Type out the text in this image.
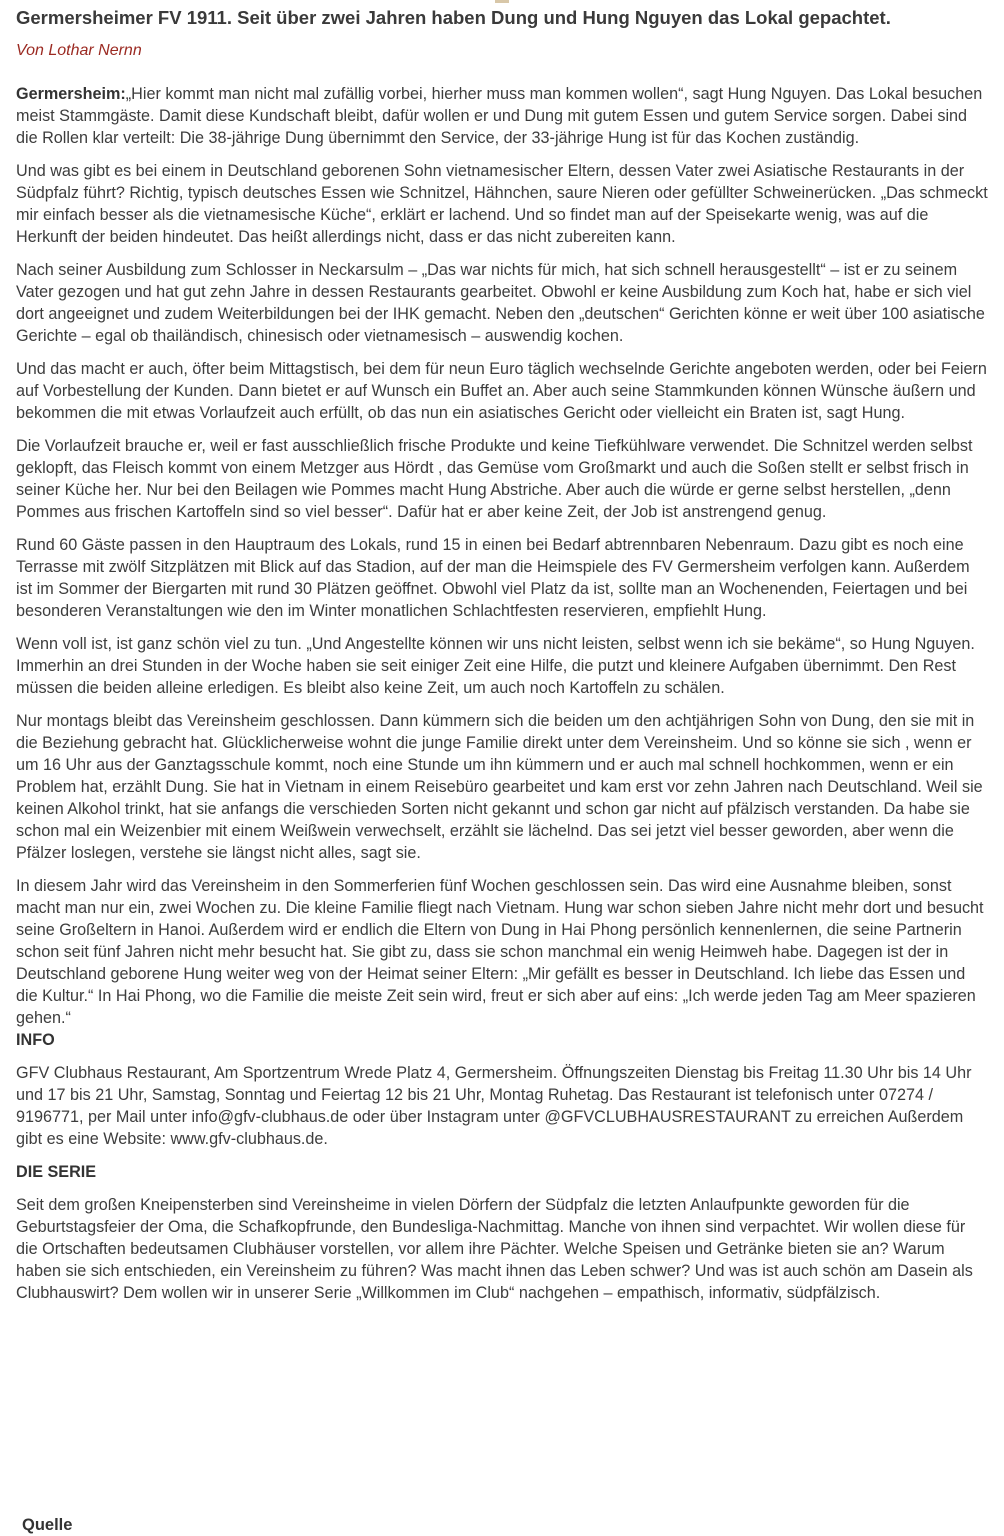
Germersheimer FV 1911. Seit über zwei Jahren haben Dung und Hung Nguyen das Lokal gepachtet.
Von Lothar Nernn

Germersheim:„Hier kommt man nicht mal zufällig vorbei, hierher muss man kommen wollen“, sagt Hung Nguyen. Das Lokal besuchen meist Stammgäste. Damit diese Kundschaft bleibt, dafür wollen er und Dung mit gutem Essen und gutem Service sorgen. Dabei sind die Rollen klar verteilt: Die 38-jährige Dung übernimmt den Service, der 33-jährige Hung ist für das Kochen zuständig.

Und was gibt es bei einem in Deutschland geborenen Sohn vietnamesischer Eltern, dessen Vater zwei Asiatische Restaurants in der Südpfalz führt? Richtig, typisch deutsches Essen wie Schnitzel, Hähnchen, saure Nieren oder gefüllter Schweinerücken. „Das schmeckt mir einfach besser als die vietnamesische Küche“, erklärt er lachend. Und so findet man auf der Speisekarte wenig, was auf die Herkunft der beiden hindeutet. Das heißt allerdings nicht, dass er das nicht zubereiten kann.

Nach seiner Ausbildung zum Schlosser in Neckarsulm – „Das war nichts für mich, hat sich schnell herausgestellt“ – ist er zu seinem Vater gezogen und hat gut zehn Jahre in dessen Restaurants gearbeitet. Obwohl er keine Ausbildung zum Koch hat, habe er sich viel dort angeeignet und zudem Weiterbildungen bei der IHK gemacht. Neben den „deutschen“ Gerichten könne er weit über 100 asiatische Gerichte – egal ob thailändisch, chinesisch oder vietnamesisch – auswendig kochen.

Und das macht er auch, öfter beim Mittagstisch, bei dem für neun Euro täglich wechselnde Gerichte angeboten werden, oder bei Feiern auf Vorbestellung der Kunden. Dann bietet er auf Wunsch ein Buffet an. Aber auch seine Stammkunden können Wünsche äußern und bekommen die mit etwas Vorlaufzeit auch erfüllt, ob das nun ein asiatisches Gericht oder vielleicht ein Braten ist, sagt Hung.

Die Vorlaufzeit brauche er, weil er fast ausschließlich frische Produkte und keine Tiefkühlware verwendet. Die Schnitzel werden selbst geklopft, das Fleisch kommt von einem Metzger aus Hördt , das Gemüse vom Großmarkt und auch die Soßen stellt er selbst frisch in seiner Küche her. Nur bei den Beilagen wie Pommes macht Hung Abstriche. Aber auch die würde er gerne selbst herstellen, „denn Pommes aus frischen Kartoffeln sind so viel besser“. Dafür hat er aber keine Zeit, der Job ist anstrengend genug.

Rund 60 Gäste passen in den Hauptraum des Lokals, rund 15 in einen bei Bedarf abtrennbaren Nebenraum. Dazu gibt es noch eine Terrasse mit zwölf Sitzplätzen mit Blick auf das Stadion, auf der man die Heimspiele des FV Germersheim verfolgen kann. Außerdem ist im Sommer der Biergarten mit rund 30 Plätzen geöffnet. Obwohl viel Platz da ist, sollte man an Wochenenden, Feiertagen und bei besonderen Veranstaltungen wie den im Winter monatlichen Schlachtfesten reservieren, empfiehlt Hung.

Wenn voll ist, ist ganz schön viel zu tun. „Und Angestellte können wir uns nicht leisten, selbst wenn ich sie bekäme“, so Hung Nguyen. Immerhin an drei Stunden in der Woche haben sie seit einiger Zeit eine Hilfe, die putzt und kleinere Aufgaben übernimmt. Den Rest müssen die beiden alleine erledigen. Es bleibt also keine Zeit, um auch noch Kartoffeln zu schälen.

Nur montags bleibt das Vereinsheim geschlossen. Dann kümmern sich die beiden um den achtjährigen Sohn von Dung, den sie mit in die Beziehung gebracht hat. Glücklicherweise wohnt die junge Familie direkt unter dem Vereinsheim. Und so könne sie sich , wenn er um 16 Uhr aus der Ganztagsschule kommt, noch eine Stunde um ihn kümmern und er auch mal schnell hochkommen, wenn er ein Problem hat, erzählt Dung. Sie hat in Vietnam in einem Reisebüro gearbeitet und kam erst vor zehn Jahren nach Deutschland. Weil sie keinen Alkohol trinkt, hat sie anfangs die verschieden Sorten nicht gekannt und schon gar nicht auf pfälzisch verstanden. Da habe sie schon mal ein Weizenbier mit einem Weißwein verwechselt, erzählt sie lächelnd. Das sei jetzt viel besser geworden, aber wenn die Pfälzer loslegen, verstehe sie längst nicht alles, sagt sie.

In diesem Jahr wird das Vereinsheim in den Sommerferien fünf Wochen geschlossen sein. Das wird eine Ausnahme bleiben, sonst macht man nur ein, zwei Wochen zu. Die kleine Familie fliegt nach Vietnam. Hung war schon sieben Jahre nicht mehr dort und besucht seine Großeltern in Hanoi. Außerdem wird er endlich die Eltern von Dung in Hai Phong persönlich kennenlernen, die seine Partnerin schon seit fünf Jahren nicht mehr besucht hat. Sie gibt zu, dass sie schon manchmal ein wenig Heimweh habe. Dagegen ist der in Deutschland geborene Hung weiter weg von der Heimat seiner Eltern: „Mir gefällt es besser in Deutschland. Ich liebe das Essen und die Kultur.“ In Hai Phong, wo die Familie die meiste Zeit sein wird, freut er sich aber auf eins: „Ich werde jeden Tag am Meer spazieren gehen.“

INFO

GFV Clubhaus Restaurant, Am Sportzentrum Wrede Platz 4, Germersheim. Öffnungszeiten Dienstag bis Freitag 11.30 Uhr bis 14 Uhr und 17 bis 21 Uhr, Samstag, Sonntag und Feiertag 12 bis 21 Uhr, Montag Ruhetag. Das Restaurant ist telefonisch unter 07274 / 9196771, per Mail unter info@gfv-clubhaus.de oder über Instagram unter @GFVCLUBHAUSRESTAURANT zu erreichen Außerdem gibt es eine Website: www.gfv-clubhaus.de.

DIE SERIE

Seit dem großen Kneipensterben sind Vereinsheime in vielen Dörfern der Südpfalz die letzten Anlaufpunkte geworden für die Geburtstagsfeier der Oma, die Schafkopfrunde, den Bundesliga-Nachmittag. Manche von ihnen sind verpachtet. Wir wollen diese für die Ortschaften bedeutsamen Clubhäuser vorstellen, vor allem ihre Pächter. Welche Speisen und Getränke bieten sie an? Warum haben sie sich entschieden, ein Vereinsheim zu führen? Was macht ihnen das Leben schwer? Und was ist auch schön am Dasein als Clubhauswirt? Dem wollen wir in unserer Serie „Willkommen im Club“ nachgehen – empathisch, informativ, südpfälzisch.

Quelle
